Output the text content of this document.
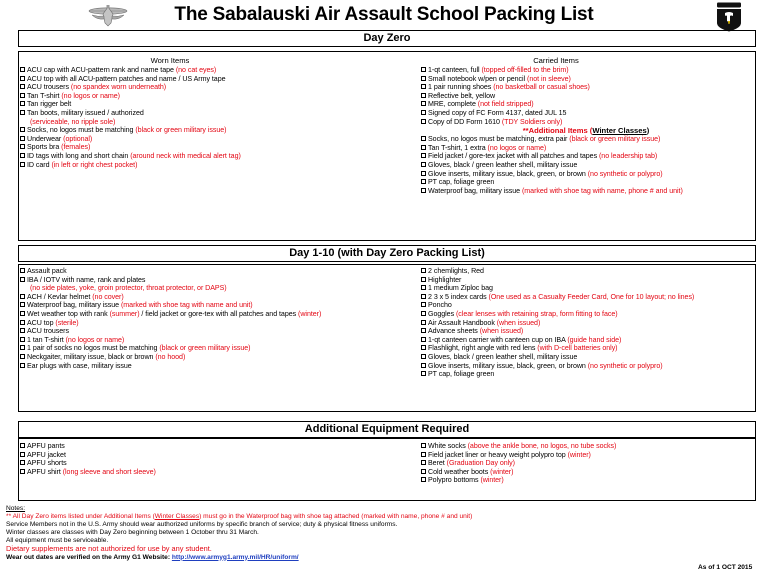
The Sabalauski Air Assault School Packing List
Day Zero
Worn Items
ACU cap with ACU-pattern rank and name tape (no cat eyes)
ACU top with all ACU-pattern patches and name / US Army tape
ACU trousers (no spandex worn underneath)
Tan T-shirt (no logos or name)
Tan rigger belt
Tan boots, military issued / authorized
(serviceable, no ripple sole)
Socks, no logos must be matching (black or green military issue)
Underwear (optional)
Sports bra (females)
ID tags with long and short chain (around neck with medical alert tag)
ID card (in left or right chest pocket)
Carried Items
1-qt canteen, full (topped off-filled to the brim)
Small notebook w/pen or pencil (not in sleeve)
1 pair running shoes (no basketball or casual shoes)
Reflective belt, yellow
MRE, complete (not field stripped)
Signed copy of FC Form 4137, dated JUL 15
Copy of DD Form 1610 (TDY Soldiers only)
**Additional Items (Winter Classes)
Socks, no logos must be matching, extra pair (black or green military issue)
Tan T-shirt, 1 extra (no logos or name)
Field jacket / gore-tex jacket with all patches and tapes (no leadership tab)
Gloves, black / green leather shell, military issue
Glove inserts, military issue, black, green, or brown (no synthetic or polypro)
PT cap, foliage green
Waterproof bag, military issue (marked with shoe tag with name, phone # and unit)
Day 1-10 (with Day Zero Packing List)
Assault pack
IBA / IOTV with name, rank and plates
(no side plates, yoke, groin protector, throat protector, or DAPS)
ACH / Kevlar helmet (no cover)
Waterproof bag, military issue (marked with shoe tag with name and unit)
Wet weather top with rank (summer) / field jacket or gore-tex with all patches and tapes (winter)
ACU top (sterile)
ACU trousers
1 tan T-shirt (no logos or name)
1 pair of socks no logos must be matching (black or green military issue)
Neckgaiter, military issue, black or brown (no hood)
Ear plugs with case, military issue
2 chemlights, Red
Highlighter
1 medium Ziploc bag
2 3 x 5 index cards (One used as a Casualty Feeder Card, One for 10 layout; no lines)
Poncho
Goggles (clear lenses with retaining strap, form fitting to face)
Air Assault Handbook (when issued)
Advance sheets (when issued)
1-qt canteen carrier with canteen cup on IBA (guide hand side)
Flashlight, right angle with red lens (with D-cell batteries only)
Gloves, black / green leather shell, military issue
Glove inserts, military issue, black, green, or brown (no synthetic or polypro)
PT cap, foliage green
Additional Equipment Required
APFU pants
APFU jacket
APFU shorts
APFU shirt (long sleeve and short sleeve)
White socks (above the ankle bone, no logos, no tube socks)
Field jacket liner or heavy weight polypro top (winter)
Beret (Graduation Day only)
Cold weather boots (winter)
Polypro bottoms (winter)
Notes:
** All Day Zero items listed under Additional Items (Winter Classes) must go in the Waterproof bag with shoe tag attached (marked with name, phone # and unit)
Service Members not in the U.S. Army should wear authorized uniforms by specific branch of service; duty & physical fitness uniforms.
Winter classes are classes with Day Zero beginning between 1 October thru 31 March.
All equipment must be serviceable.
Dietary supplements are not authorized for use by any student.
Wear out dates are verified on the Army G1 Website: http://www.armyg1.army.mil/HR/uniform/
As of 1 OCT 2015
